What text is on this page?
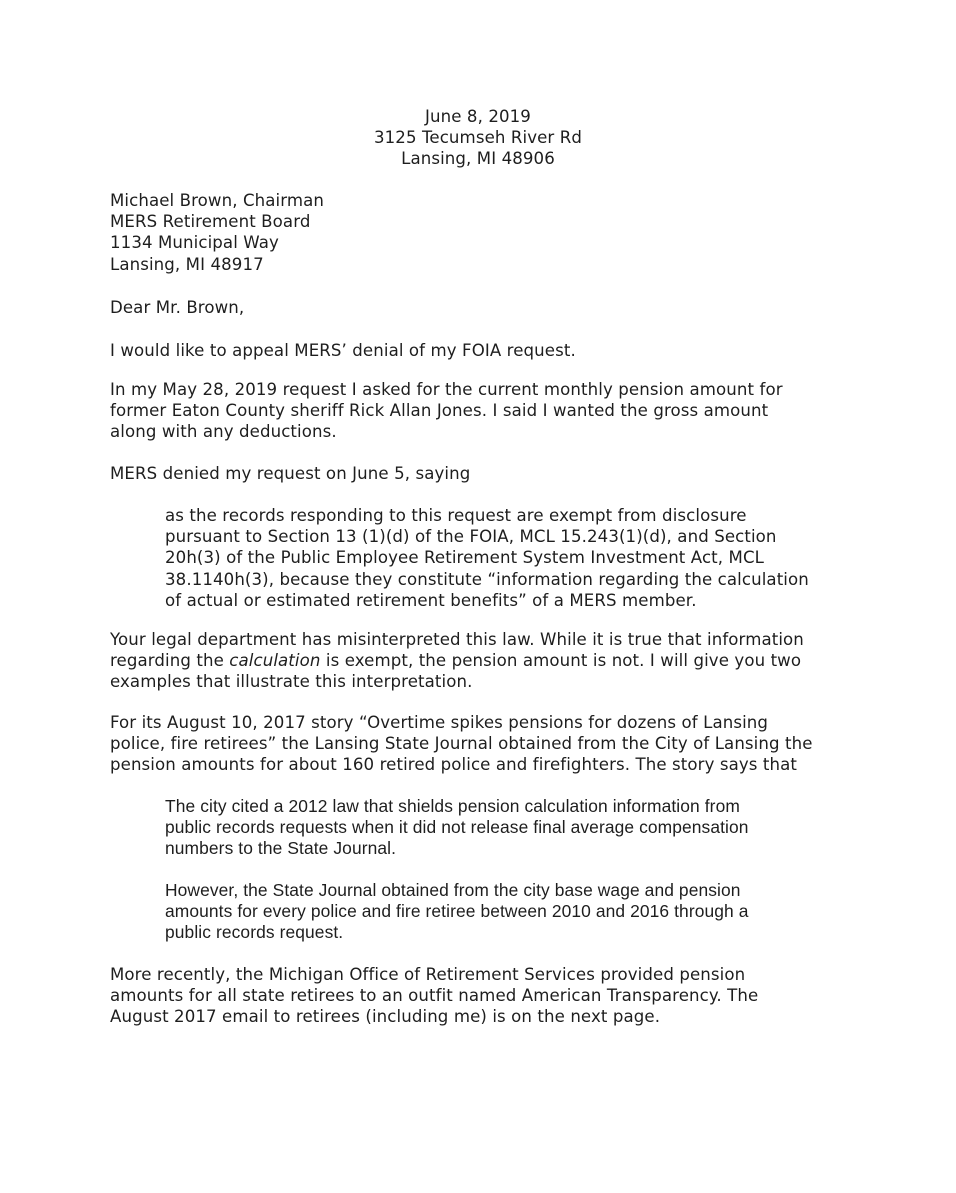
June 8, 2019
3125 Tecumseh River Rd
Lansing, MI 48906
Michael Brown, Chairman
MERS Retirement Board
1134 Municipal Way
Lansing, MI 48917
Dear Mr. Brown,
I would like to appeal MERS’ denial of my FOIA request.
In my May 28, 2019 request I asked for the current monthly pension amount for
former Eaton County sheriff Rick Allan Jones. I said I wanted the gross amount
along with any deductions.
MERS denied my request on June 5, saying
as the records responding to this request are exempt from disclosure
pursuant to Section 13 (1)(d) of the FOIA, MCL 15.243(1)(d), and Section
20h(3) of the Public Employee Retirement System Investment Act, MCL
38.1140h(3), because they constitute “information regarding the calculation
of actual or estimated retirement benefits” of a MERS member.
Your legal department has misinterpreted this law. While it is true that information
regarding the calculation is exempt, the pension amount is not. I will give you two
examples that illustrate this interpretation.
For its August 10, 2017 story “Overtime spikes pensions for dozens of Lansing
police, fire retirees” the Lansing State Journal obtained from the City of Lansing the
pension amounts for about 160 retired police and firefighters. The story says that
The city cited a 2012 law that shields pension calculation information from
public records requests when it did not release final average compensation
numbers to the State Journal.
However, the State Journal obtained from the city base wage and pension
amounts for every police and fire retiree between 2010 and 2016 through a
public records request.
More recently, the Michigan Office of Retirement Services provided pension
amounts for all state retirees to an outfit named American Transparency. The
August 2017 email to retirees (including me) is on the next page.
